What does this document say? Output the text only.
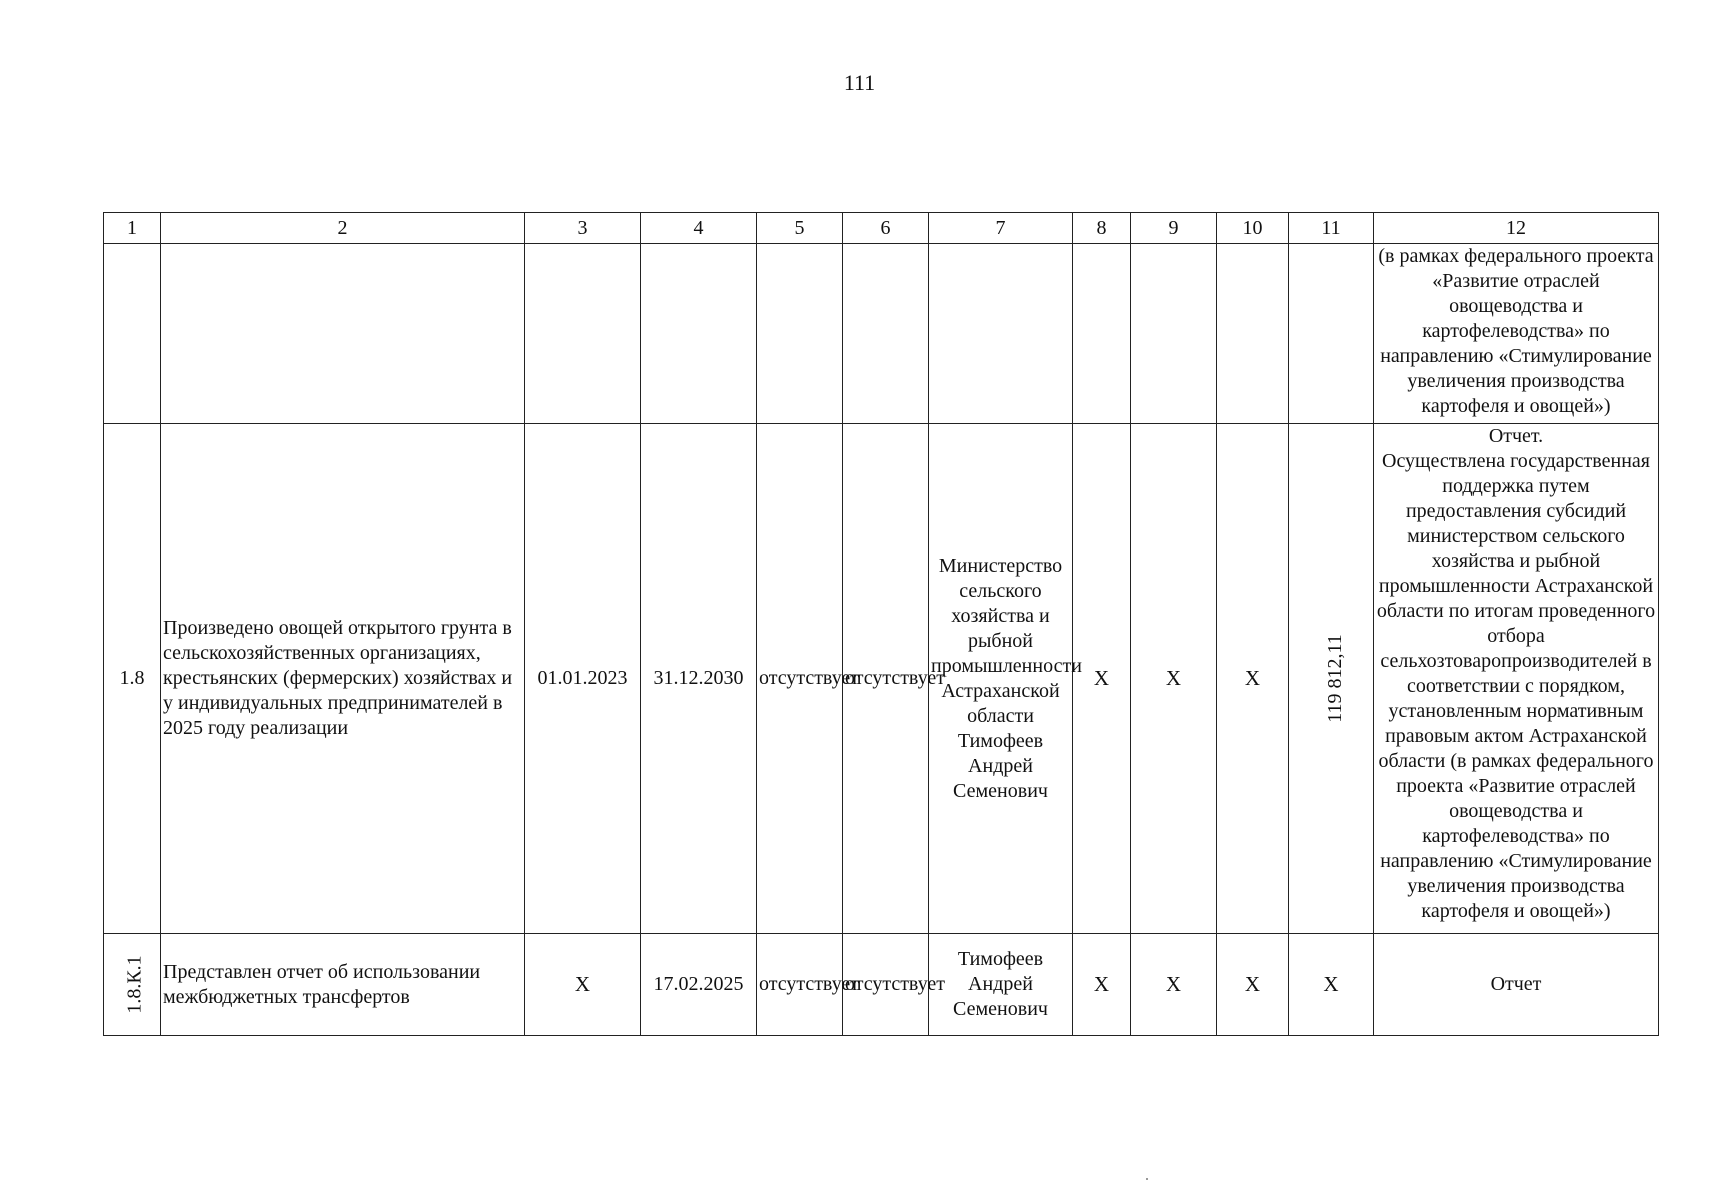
111
1	2	3	4	5	6	7	8	9	10	11	12
											(в рамках федерального проекта «Развитие отраслей овощеводства и картофелеводства» по направлению «Стимулирование увеличения производства картофеля и овощей»)
1.8	Произведено овощей открытого грунта в сельскохозяйственных организациях, крестьянских (фермерских) хозяйствах и у индивидуальных предпринимателей в 2025 году реализации	01.01.2023	31.12.2030	отсутствует	отсутствует	Министерство сельского хозяйства и рыбной промышленности Астраханской области Тимофеев Андрей Семенович	X	X	X	119 812,11	Отчет.
Осуществлена государственная поддержка путем предоставления субсидий министерством сельского хозяйства и рыбной промышленности Астраханской области по итогам проведенного отбора сельхозтоваропроизводителей в соответствии с порядком, установленным нормативным правовым актом Астраханской области (в рамках федерального проекта «Развитие отраслей овощеводства и картофелеводства» по направлению «Стимулирование увеличения производства картофеля и овощей»)

1.8.К.1	Представлен отчет об использовании межбюджетных трансфертов	X	17.02.2025	отсутствует	отсутствует	Тимофеев Андрей Семенович	X	X	X	X	Отчет
